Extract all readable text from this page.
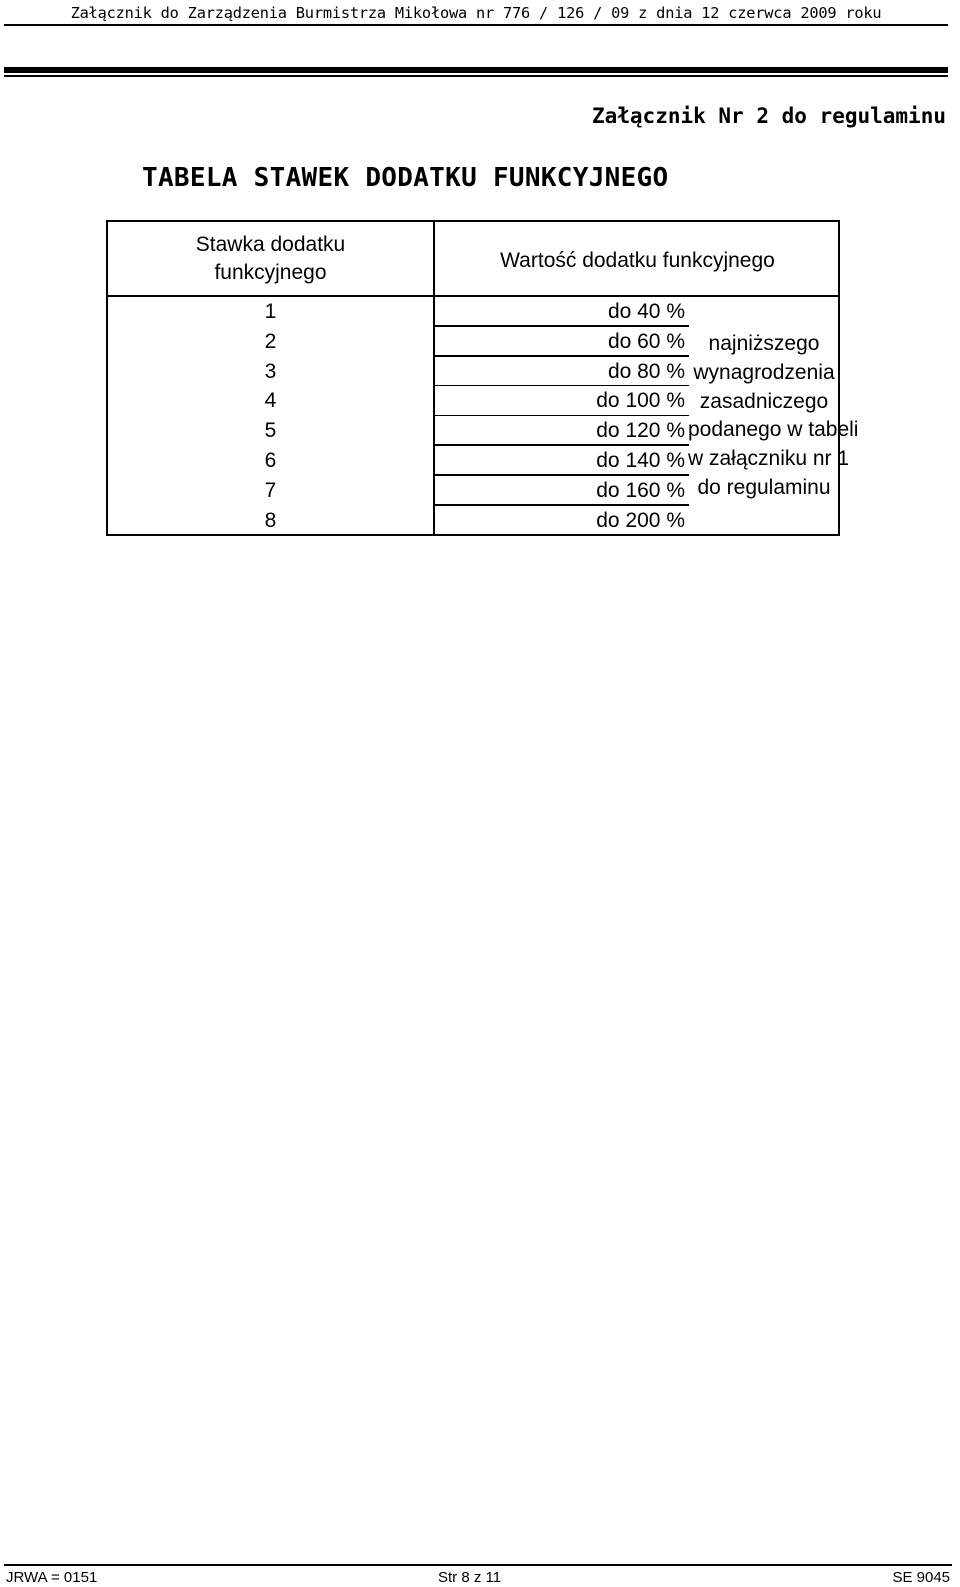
Załącznik do Zarządzenia Burmistrza Mikołowa nr 776 / 126 / 09 z dnia 12 czerwca 2009 roku
Załącznik Nr 2 do regulaminu
TABELA STAWEK DODATKU FUNKCYJNEGO
Stawka dodatku
funkcyjnego
Wartość dodatku funkcyjnego
1	do 40 %
2	do 60 %
3	do 80 %
4	do 100 %
5	do 120 %
6	do 140 %
7	do 160 %
8	do 200 %
najniższego
wynagrodzenia
zasadniczego
podanego w tabeli
w załączniku nr 1
do regulaminu
JRWA = 0151	Str 8 z 11	SE 9045
